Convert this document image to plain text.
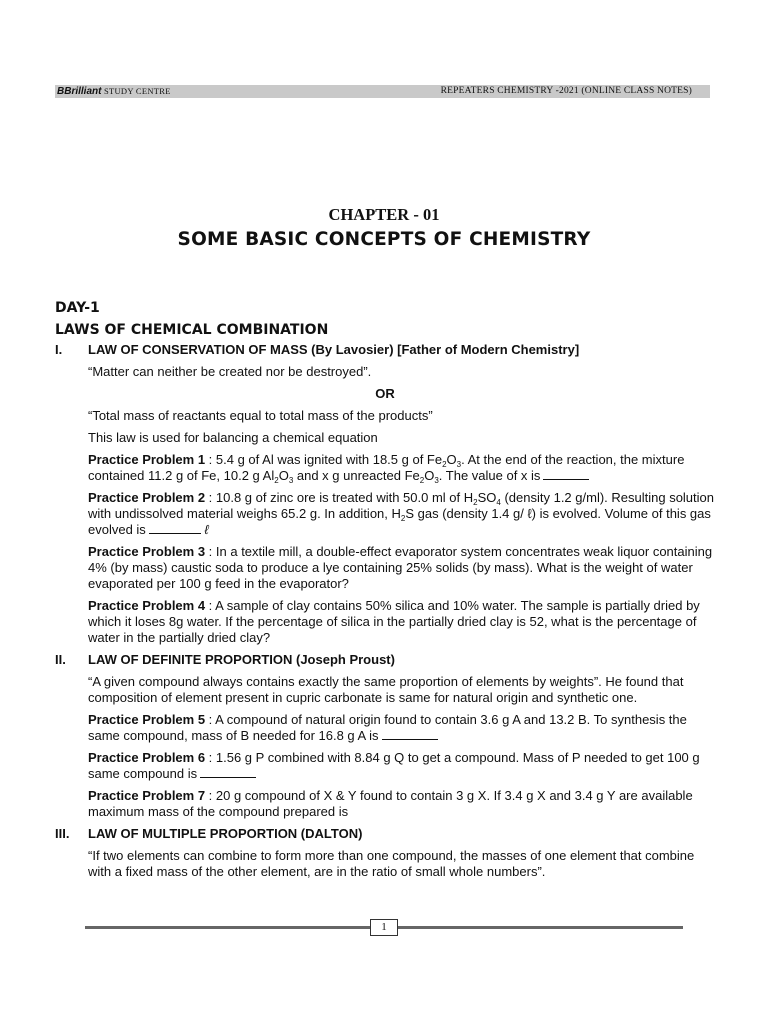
BBrilliant STUDY CENTRE	REPEATERS CHEMISTRY -2021 (ONLINE CLASS NOTES)
CHAPTER - 01
SOME BASIC CONCEPTS OF CHEMISTRY
DAY-1
LAWS OF CHEMICAL COMBINATION
I. LAW OF CONSERVATION OF MASS (By Lavosier) [Father of Modern Chemistry]
“Matter can neither be created nor be destroyed”.
OR
“Total mass of reactants equal to total mass of the products”
This law is used for balancing a chemical equation
Practice Problem 1 : 5.4 g of Al was ignited with 18.5 g of $Fe_2O_3$. At the end of the reaction, the mixture contained 11.2 g of Fe, 10.2 g $Al_2O_3$ and x g unreacted $Fe_2O_3$. The value of x is
Practice Problem 2 : 10.8 g of zinc ore is treated with 50.0 ml of $H_2SO_4$ (density 1.2 g/ml). Resulting solution with undissolved material weighs 65.2 g. In addition, $H_2S$ gas (density 1.4 g/ ℓ) is evolved. Volume of this gas evolved is	ℓ
Practice Problem 3 : In a textile mill, a double-effect evaporator system concentrates weak liquor containing 4% (by mass) caustic soda to produce a lye containing 25% solids (by mass). What is the weight of water evaporated per 100 g feed in the evaporator?
Practice Problem 4 : A sample of clay contains 50% silica and 10% water. The sample is partially dried by which it loses 8g water. If the percentage of silica in the partially dried clay is 52, what is the percentage of water in the partially dried clay?
II. LAW OF DEFINITE PROPORTION (Joseph Proust)
“A given compound always contains exactly the same proportion of elements by weights”. He found that composition of element present in cupric carbonate is same for natural origin and synthetic one.
Practice Problem 5 : A compound of natural origin found to contain 3.6 g A and 13.2 B. To synthesis the same compound, mass of B needed for 16.8 g A is
Practice Problem 6 : 1.56 g P combined with 8.84 g Q to get a compound. Mass of P needed to get 100 g same compound is
Practice Problem 7 : 20 g compound of X & Y found to contain 3 g X. If 3.4 g X and 3.4 g Y are available maximum mass of the compound prepared is
III. LAW OF MULTIPLE PROPORTION (DALTON)
“If two elements can combine to form more than one compound, the masses of one element that combine with a fixed mass of the other element, are in the ratio of small whole numbers”.
1
